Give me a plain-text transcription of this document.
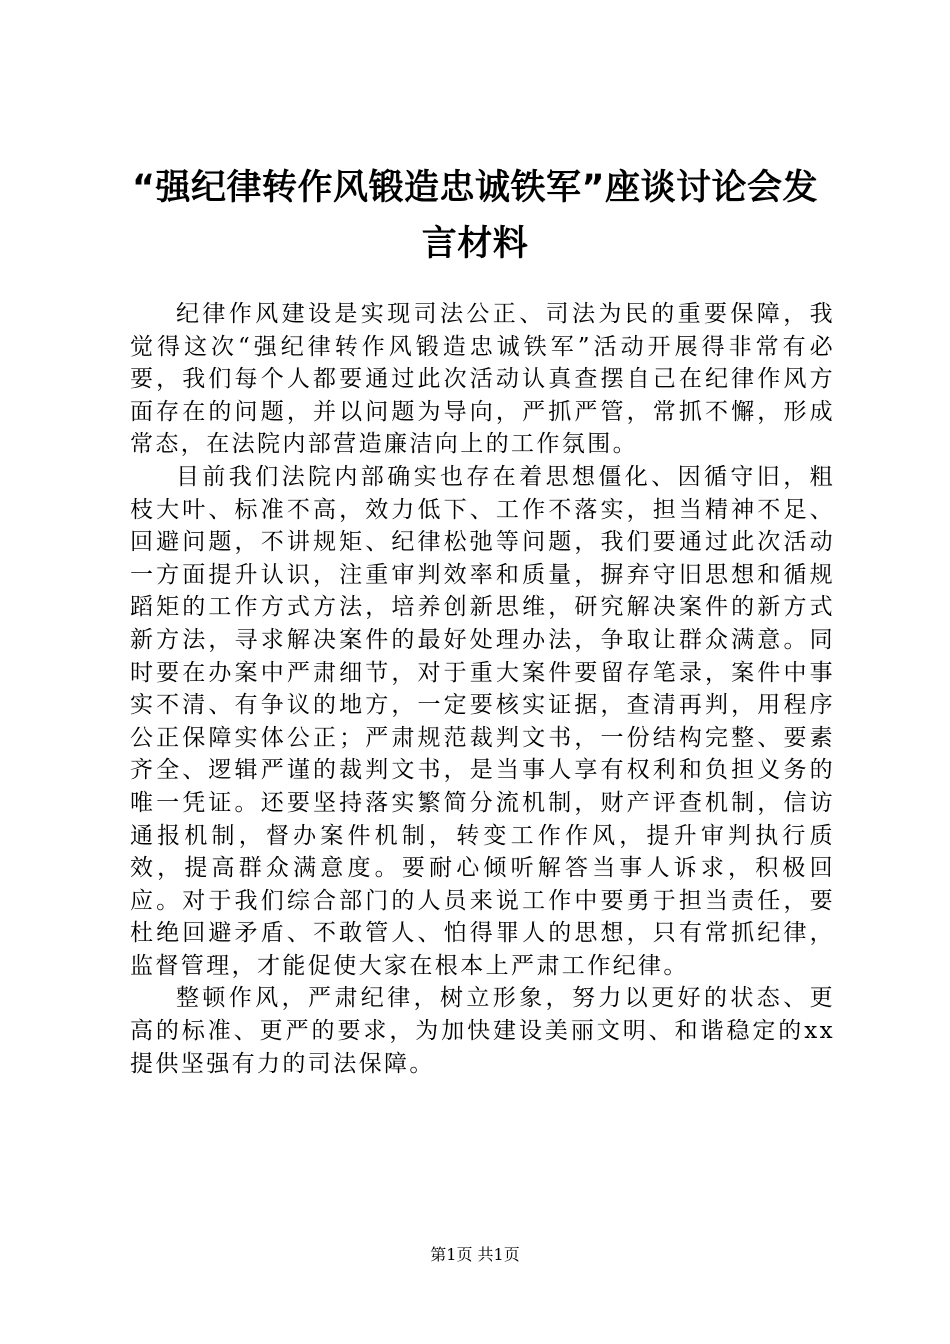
“强纪律转作风锻造忠诚铁军”座谈讨论会发言材料

纪律作风建设是实现司法公正、司法为民的重要保障，我觉得这次“强纪律转作风锻造忠诚铁军”活动开展得非常有必要，我们每个人都要通过此次活动认真查摆自己在纪律作风方面存在的问题，并以问题为导向，严抓严管，常抓不懈，形成常态，在法院内部营造廉洁向上的工作氛围。

目前我们法院内部确实也存在着思想僵化、因循守旧，粗枝大叶、标准不高，效力低下、工作不落实，担当精神不足、回避问题，不讲规矩、纪律松弛等问题，我们要通过此次活动一方面提升认识，注重审判效率和质量，摒弃守旧思想和循规蹈矩的工作方式方法，培养创新思维，研究解决案件的新方式新方法，寻求解决案件的最好处理办法，争取让群众满意。同时要在办案中严肃细节，对于重大案件要留存笔录，案件中事实不清、有争议的地方，一定要核实证据，查清再判，用程序公正保障实体公正；严肃规范裁判文书，一份结构完整、要素齐全、逻辑严谨的裁判文书，是当事人享有权利和负担义务的唯一凭证。还要坚持落实繁简分流机制，财产评查机制，信访通报机制，督办案件机制，转变工作作风，提升审判执行质效，提高群众满意度。要耐心倾听解答当事人诉求，积极回应。对于我们综合部门的人员来说工作中要勇于担当责任，要杜绝回避矛盾、不敢管人、怕得罪人的思想，只有常抓纪律，监督管理，才能促使大家在根本上严肃工作纪律。

整顿作风，严肃纪律，树立形象，努力以更好的状态、更高的标准、更严的要求，为加快建设美丽文明、和谐稳定的xx提供坚强有力的司法保障。

第1页 共1页
